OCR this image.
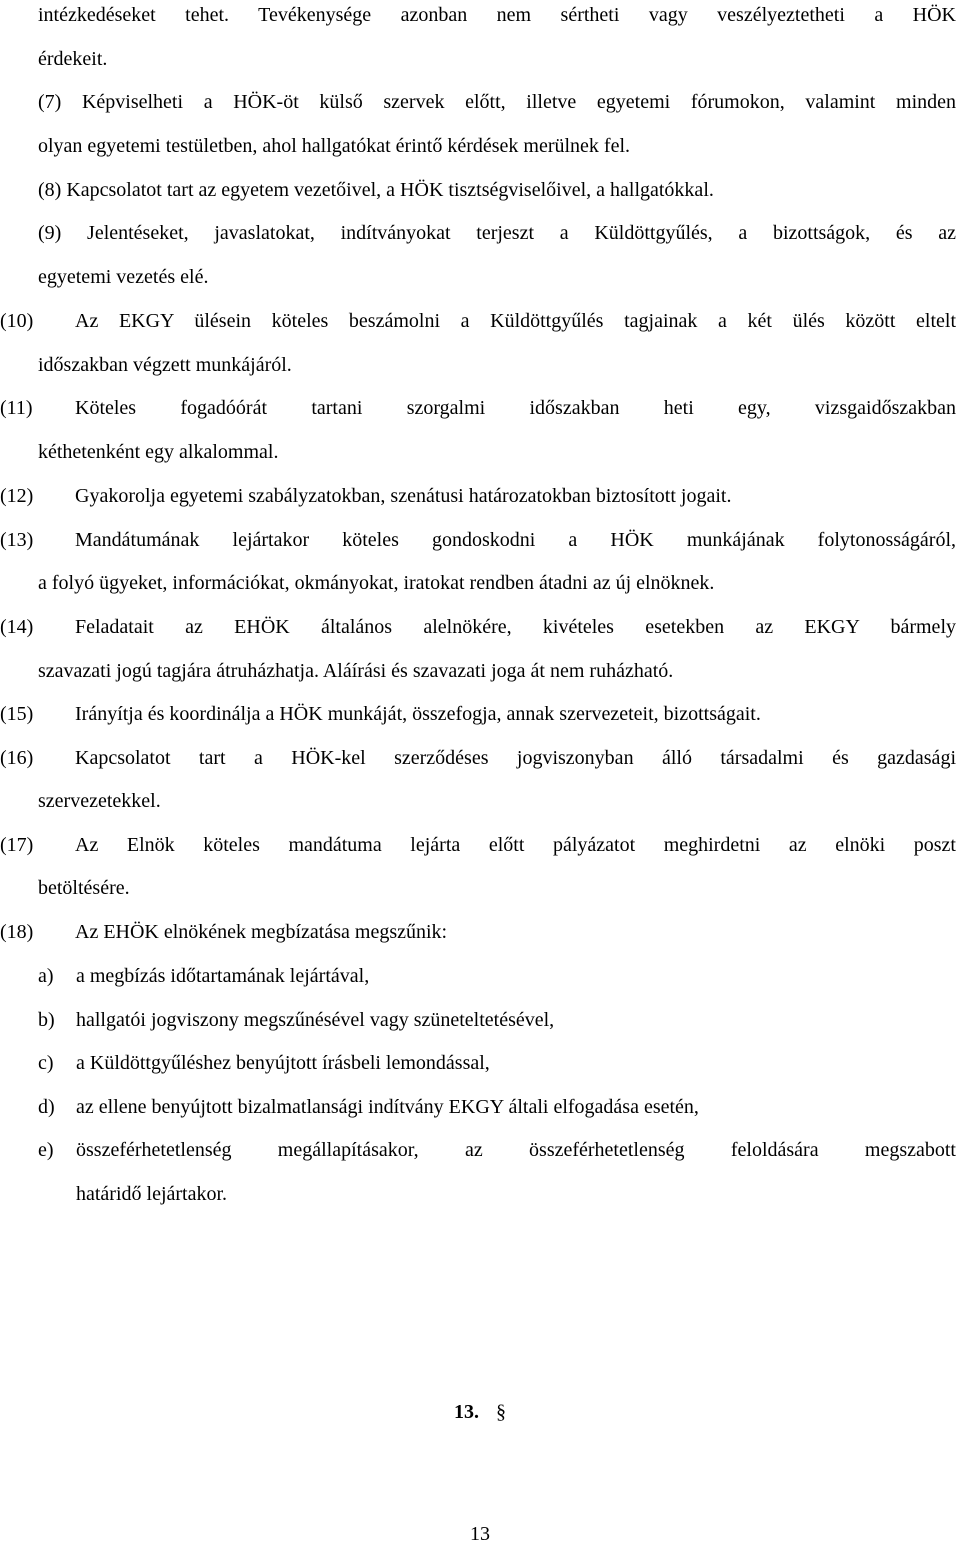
intézkedéseket tehet. Tevékenysége azonban nem sértheti vagy veszélyeztetheti a HÖK
érdekeit.
(7) Képviselheti a HÖK-öt külső szervek előtt, illetve egyetemi fórumokon, valamint minden
olyan egyetemi testületben, ahol hallgatókat érintő kérdések merülnek fel.
(8) Kapcsolatot tart az egyetem vezetőivel, a HÖK tisztségviselőivel, a hallgatókkal.
(9) Jelentéseket, javaslatokat, indítványokat terjeszt a Küldöttgyűlés, a bizottságok, és az
egyetemi vezetés elé.
(10) Az EKGY ülésein köteles beszámolni a Küldöttgyűlés tagjainak a két ülés között eltelt
időszakban végzett munkájáról.
(11) Köteles fogadóórát tartani szorgalmi időszakban heti egy, vizsgaidőszakban
kéthetenként egy alkalommal.
(12) Gyakorolja egyetemi szabályzatokban, szenátusi határozatokban biztosított jogait.
(13) Mandátumának lejártakor köteles gondoskodni a HÖK munkájának folytonosságáról,
a folyó ügyeket, információkat, okmányokat, iratokat rendben átadni az új elnöknek.
(14) Feladatait az EHÖK általános alelnökére, kivételes esetekben az EKGY bármely
szavazati jogú tagjára átruházhatja. Aláírási és szavazati joga át nem ruházható.
(15) Irányítja és koordinálja a HÖK munkáját, összefogja, annak szervezeteit, bizottságait.
(16) Kapcsolatot tart a HÖK-kel szerződéses jogviszonyban álló társadalmi és gazdasági
szervezetekkel.
(17) Az Elnök köteles mandátuma lejárta előtt pályázatot meghirdetni az elnöki poszt
betöltésére.
(18) Az EHÖK elnökének megbízatása megszűnik:
a) a megbízás időtartamának lejártával,
b) hallgatói jogviszony megszűnésével vagy szüneteltetésével,
c) a Küldöttgyűléshez benyújtott írásbeli lemondással,
d) az ellene benyújtott bizalmatlansági indítvány EKGY általi elfogadása esetén,
e) összeférhetetlenség megállapításakor, az összeférhetetlenség feloldására megszabott
határidő lejártakor.
13. §
13
